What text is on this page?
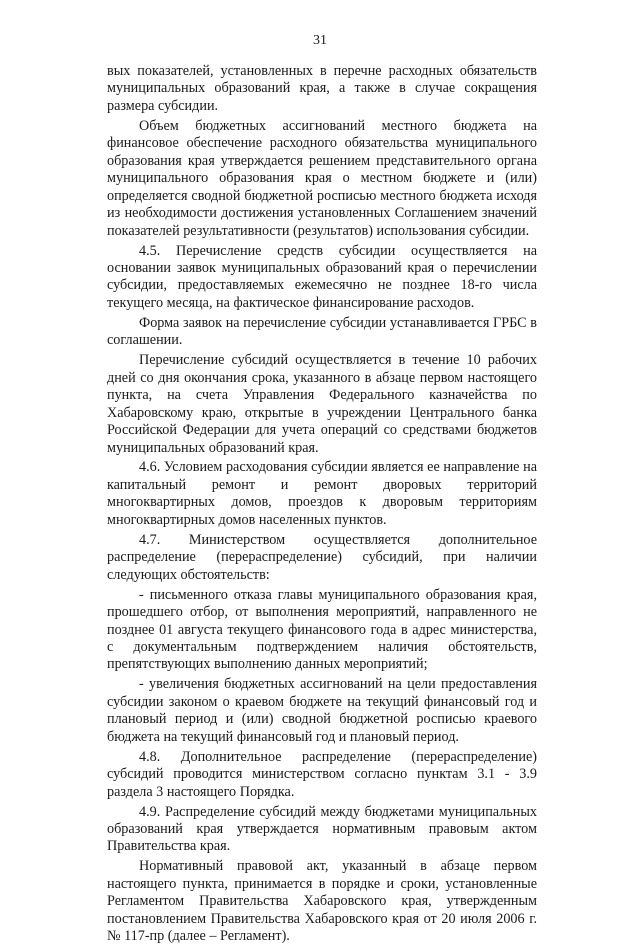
31

вых показателей, установленных в перечне расходных обязательств муниципальных образований края, а также в случае сокращения размера субсидии.

Объем бюджетных ассигнований местного бюджета на финансовое обеспечение расходного обязательства муниципального образования края утверждается решением представительного органа муниципального образования края о местном бюджете и (или) определяется сводной бюджетной росписью местного бюджета исходя из необходимости достижения установленных Соглашением значений показателей результативности (результатов) использования субсидии.

4.5. Перечисление средств субсидии осуществляется на основании заявок муниципальных образований края о перечислении субсидии, предоставляемых ежемесячно не позднее 18-го числа текущего месяца, на фактическое финансирование расходов.

Форма заявок на перечисление субсидии устанавливается ГРБС в соглашении.

Перечисление субсидий осуществляется в течение 10 рабочих дней со дня окончания срока, указанного в абзаце первом настоящего пункта, на счета Управления Федерального казначейства по Хабаровскому краю, открытые в учреждении Центрального банка Российской Федерации для учета операций со средствами бюджетов муниципальных образований края.

4.6. Условием расходования субсидии является ее направление на капитальный ремонт и ремонт дворовых территорий многоквартирных домов, проездов к дворовым территориям многоквартирных домов населенных пунктов.

4.7. Министерством осуществляется дополнительное распределение (перераспределение) субсидий, при наличии следующих обстоятельств:

- письменного отказа главы муниципального образования края, прошедшего отбор, от выполнения мероприятий, направленного не позднее 01 августа текущего финансового года в адрес министерства, с документальным подтверждением наличия обстоятельств, препятствующих выполнению данных мероприятий;

- увеличения бюджетных ассигнований на цели предоставления субсидии законом о краевом бюджете на текущий финансовый год и плановый период и (или) сводной бюджетной росписью краевого бюджета на текущий финансовый год и плановый период.

4.8. Дополнительное распределение (перераспределение) субсидий проводится министерством согласно пунктам 3.1 - 3.9 раздела 3 настоящего Порядка.

4.9. Распределение субсидий между бюджетами муниципальных образований края утверждается нормативным правовым актом Правительства края.

Нормативный правовой акт, указанный в абзаце первом настоящего пункта, принимается в порядке и сроки, установленные Регламентом Правительства Хабаровского края, утвержденным постановлением Правительства Хабаровского края от 20 июля 2006 г. № 117-пр (далее – Регламент).
